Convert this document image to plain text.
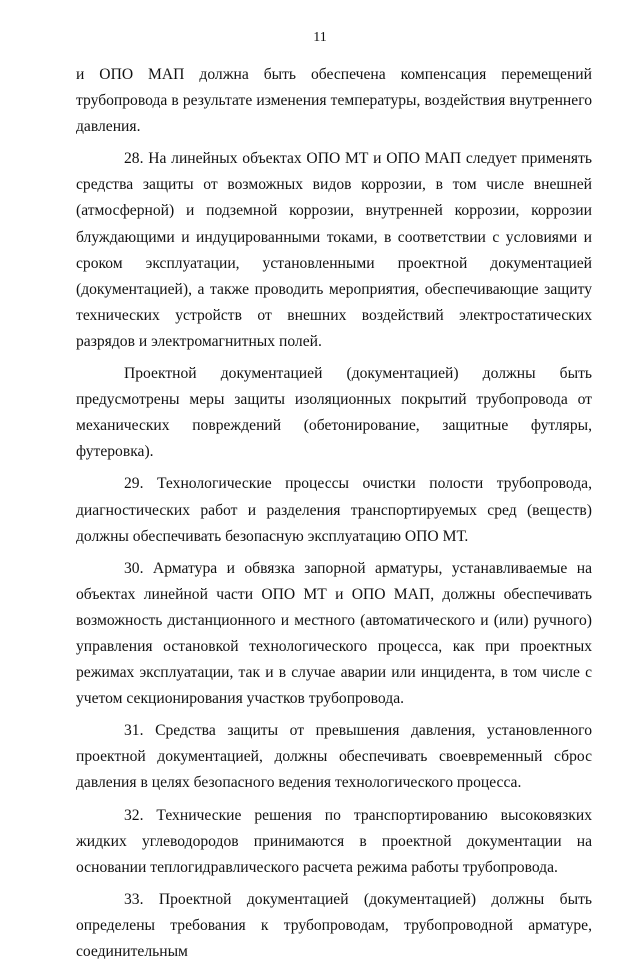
11

и ОПО МАП должна быть обеспечена компенсация перемещений трубопровода в результате изменения температуры, воздействия внутреннего давления.

28. На линейных объектах ОПО МТ и ОПО МАП следует применять средства защиты от возможных видов коррозии, в том числе внешней (атмосферной) и подземной коррозии, внутренней коррозии, коррозии блуждающими и индуцированными токами, в соответствии с условиями и сроком эксплуатации, установленными проектной документацией (документацией), а также проводить мероприятия, обеспечивающие защиту технических устройств от внешних воздействий электростатических разрядов и электромагнитных полей.

Проектной документацией (документацией) должны быть предусмотрены меры защиты изоляционных покрытий трубопровода от механических повреждений (обетонирование, защитные футляры, футеровка).

29. Технологические процессы очистки полости трубопровода, диагностических работ и разделения транспортируемых сред (веществ) должны обеспечивать безопасную эксплуатацию ОПО МТ.

30. Арматура и обвязка запорной арматуры, устанавливаемые на объектах линейной части ОПО МТ и ОПО МАП, должны обеспечивать возможность дистанционного и местного (автоматического и (или) ручного) управления остановкой технологического процесса, как при проектных режимах эксплуатации, так и в случае аварии или инцидента, в том числе с учетом секционирования участков трубопровода.

31. Средства защиты от превышения давления, установленного проектной документацией, должны обеспечивать своевременный сброс давления в целях безопасного ведения технологического процесса.

32. Технические решения по транспортированию высоковязких жидких углеводородов принимаются в проектной документации на основании теплогидравлического расчета режима работы трубопровода.

33. Проектной документацией (документацией) должны быть определены требования к трубопроводам, трубопроводной арматуре, соединительным
